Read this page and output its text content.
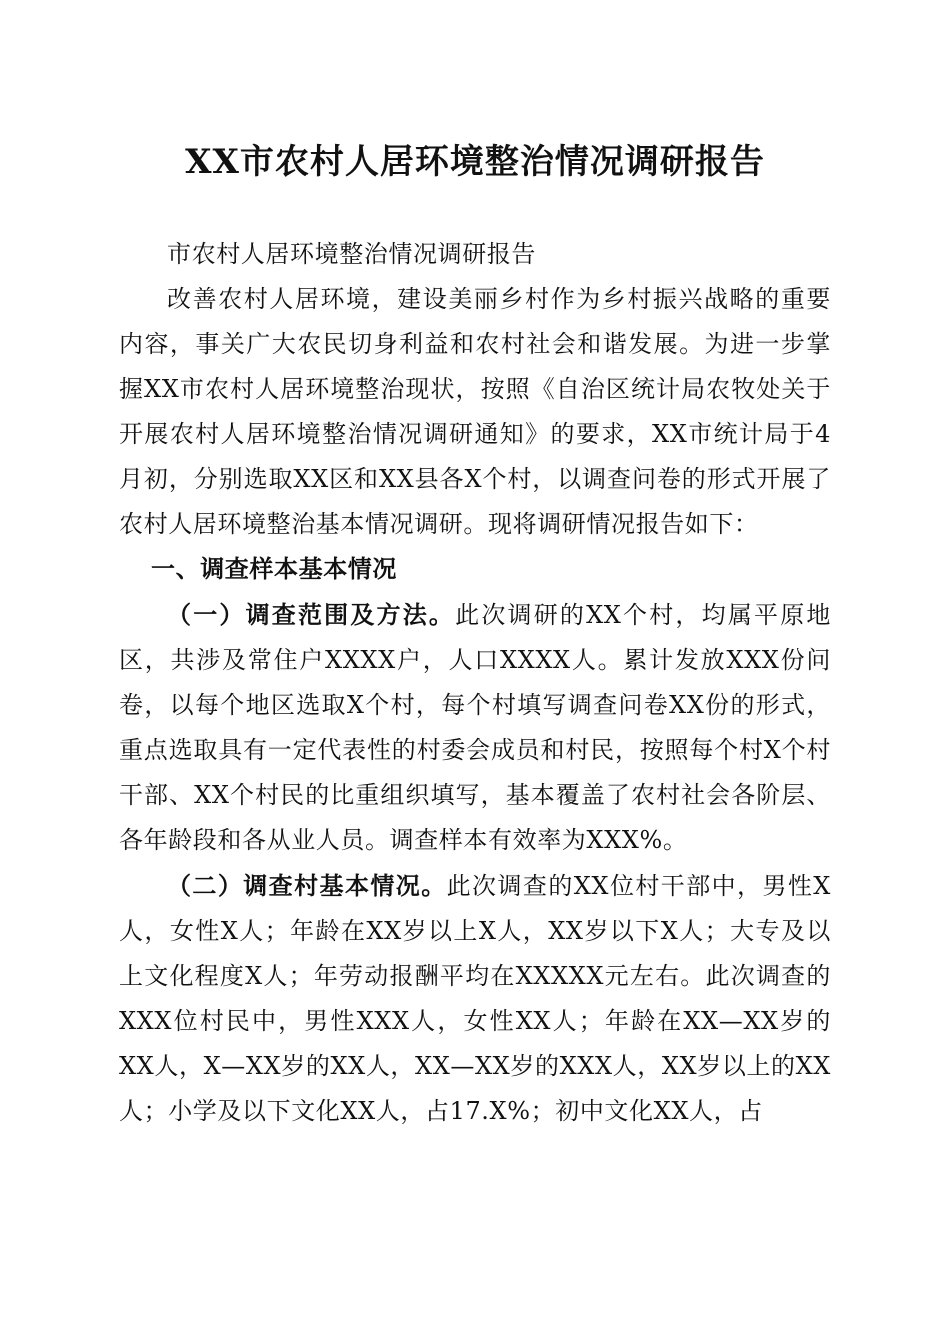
XX市农村人居环境整治情况调研报告

市农村人居环境整治情况调研报告

改善农村人居环境，建设美丽乡村作为乡村振兴战略的重要内容，事关广大农民切身利益和农村社会和谐发展。为进一步掌握XX市农村人居环境整治现状，按照《自治区统计局农牧处关于开展农村人居环境整治情况调研通知》的要求，XX市统计局于4月初，分别选取XX区和XX县各X个村，以调查问卷的形式开展了农村人居环境整治基本情况调研。现将调研情况报告如下：

一、调查样本基本情况

（一）调查范围及方法。此次调研的XX个村，均属平原地区，共涉及常住户XXXX户，人口XXXX人。累计发放XXX份问卷，以每个地区选取X个村，每个村填写调查问卷XX份的形式，重点选取具有一定代表性的村委会成员和村民，按照每个村X个村干部、XX个村民的比重组织填写，基本覆盖了农村社会各阶层、各年龄段和各从业人员。调查样本有效率为XXX%。

（二）调查村基本情况。此次调查的XX位村干部中，男性X人，女性X人；年龄在XX岁以上X人，XX岁以下X人；大专及以上文化程度X人；年劳动报酬平均在XXXXX元左右。此次调查的XXX位村民中，男性XXX人，女性XX人；年龄在XX—XX岁的XX人，X—XX岁的XX人，XX—XX岁的XXX人，XX岁以上的XX人；小学及以下文化XX人，占17.X%；初中文化XX人，占
